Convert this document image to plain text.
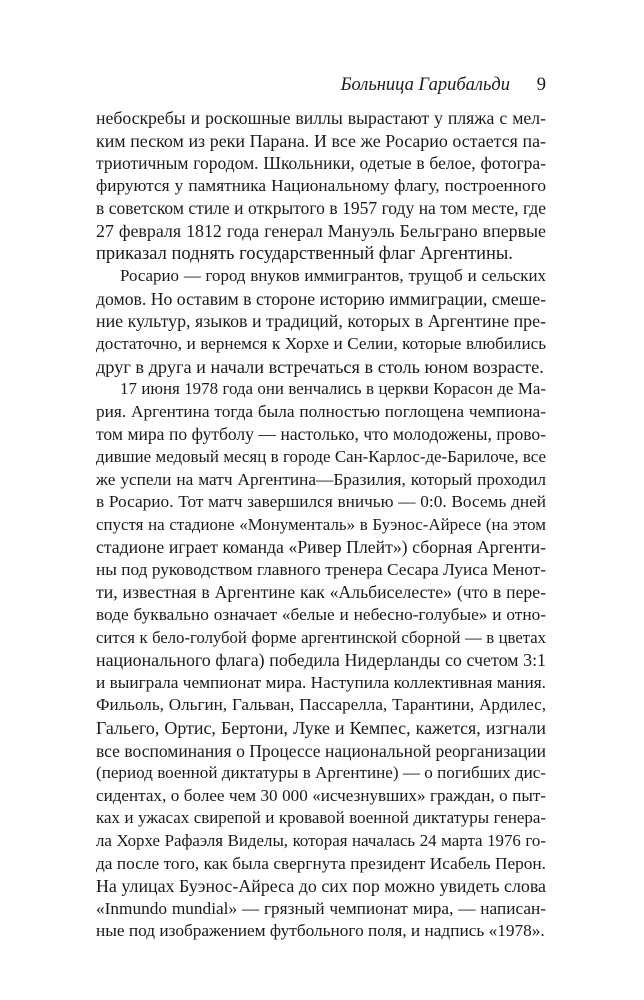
Больница Гарибальди 9
небоскребы и роскошные виллы вырастают у пляжа с мел-
ким песком из реки Парана. И все же Росарио остается па-
триотичным городом. Школьники, одетые в белое, фотогра-
фируются у памятника Национальному флагу, построенного
в советском стиле и открытого в 1957 году на том месте, где
27 февраля 1812 года генерал Мануэль Бельграно впервые
приказал поднять государственный флаг Аргентины.
Росарио — город внуков иммигрантов, трущоб и сельских
домов. Но оставим в стороне историю иммиграции, смеше-
ние культур, языков и традиций, которых в Аргентине пре-
достаточно, и вернемся к Хорхе и Селии, которые влюбились
друг в друга и начали встречаться в столь юном возрасте.
17 июня 1978 года они венчались в церкви Корасон де Ма-
рия. Аргентина тогда была полностью поглощена чемпиона-
том мира по футболу — настолько, что молодожены, прово-
дившие медовый месяц в городе Сан-Карлос-де-Барилоче, все
же успели на матч Аргентина—Бразилия, который проходил
в Росарио. Тот матч завершился вничью — 0:0. Восемь дней
спустя на стадионе «Монументаль» в Буэнос-Айресе (на этом
стадионе играет команда «Ривер Плейт») сборная Аргенти-
ны под руководством главного тренера Сесара Луиса Менот-
ти, известная в Аргентине как «Альбиселесте» (что в пере-
воде буквально означает «белые и небесно-голубые» и отно-
сится к бело-голубой форме аргентинской сборной — в цветах
национального флага) победила Нидерланды со счетом 3:1
и выиграла чемпионат мира. Наступила коллективная мания.
Фильоль, Ольгин, Гальван, Пассарелла, Тарантини, Ардилес,
Гальего, Ортис, Бертони, Луке и Кемпес, кажется, изгнали
все воспоминания о Процессе национальной реорганизации
(период военной диктатуры в Аргентине) — о погибших дис-
сидентах, о более чем 30 000 «исчезнувших» граждан, о пыт-
ках и ужасах свирепой и кровавой военной диктатуры генера-
ла Хорхе Рафаэля Виделы, которая началась 24 марта 1976 го-
да после того, как была свергнута президент Исабель Перон.
На улицах Буэнос-Айреса до сих пор можно увидеть слова
«Inmundo mundial» — грязный чемпионат мира, — написан-
ные под изображением футбольного поля, и надпись «1978».
